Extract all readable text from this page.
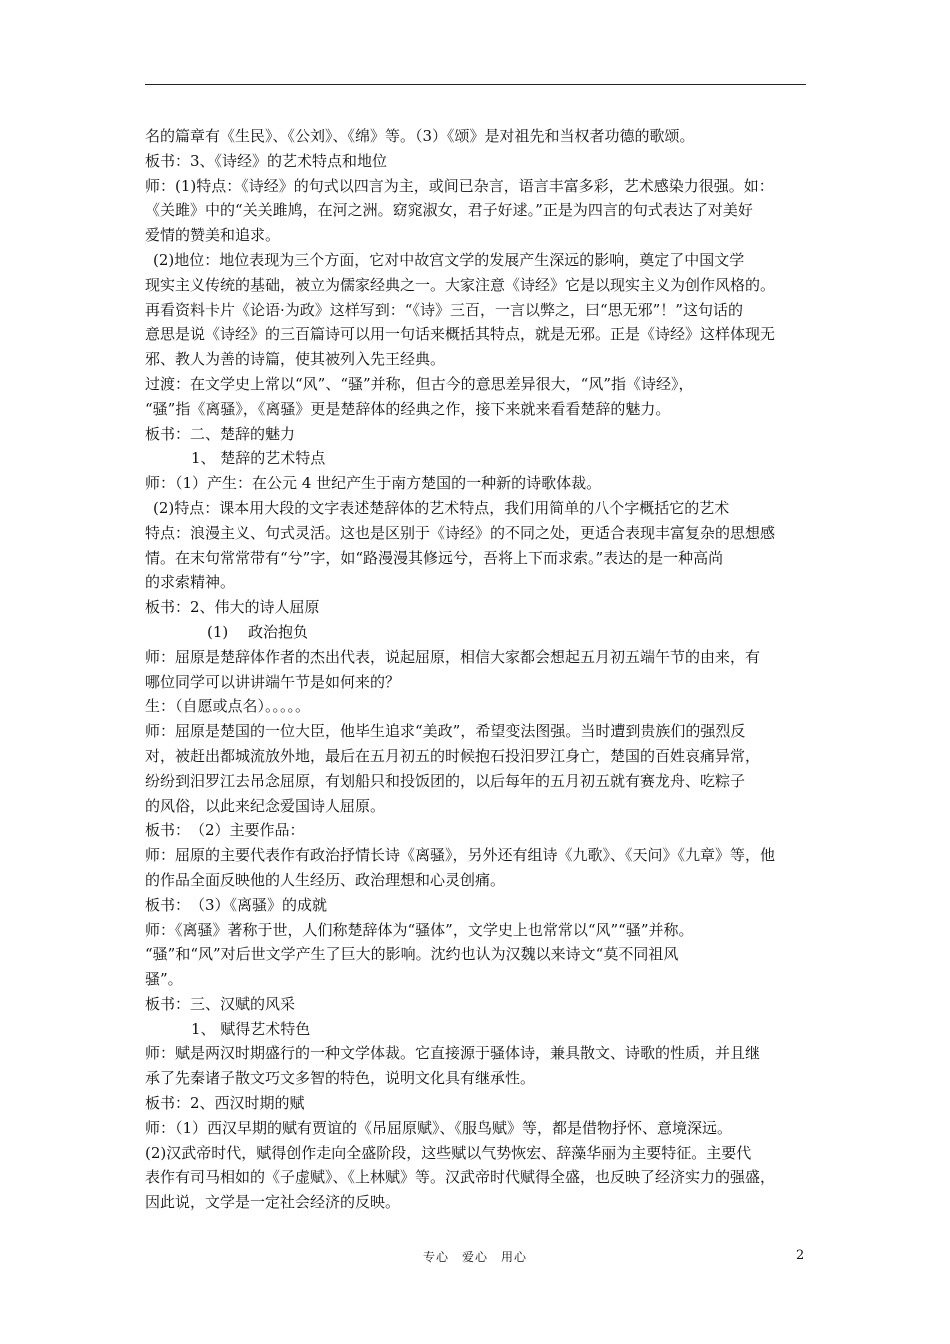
名的篇章有《生民》、《公刘》、《绵》等。（3）《颂》是对祖先和当权者功德的歌颂。
板书：3、《诗经》的艺术特点和地位
师：(1)特点：《诗经》的句式以四言为主，或间已杂言，语言丰富多彩，艺术感染力很强。如：
《关雎》中的“关关雎鸠，在河之洲。窈窕淑女，君子好逑。”正是为四言的句式表达了对美好
爱情的赞美和追求。
(2)地位：地位表现为三个方面，它对中故宫文学的发展产生深远的影响，奠定了中国文学
现实主义传统的基础，被立为儒家经典之一。大家注意《诗经》它是以现实主义为创作风格的。
再看资料卡片《论语·为政》这样写到：“《诗》三百，一言以弊之，曰“思无邪”！”这句话的
意思是说《诗经》的三百篇诗可以用一句话来概括其特点，就是无邪。正是《诗经》这样体现无
邪、教人为善的诗篇，使其被列入先王经典。
过渡：在文学史上常以“风”、“骚”并称，但古今的意思差异很大，“风”指《诗经》，
“骚”指《离骚》，《离骚》更是楚辞体的经典之作，接下来就来看看楚辞的魅力。
板书：二、楚辞的魅力
1、 楚辞的艺术特点
师：（1）产生：在公元 4 世纪产生于南方楚国的一种新的诗歌体裁。
(2)特点：课本用大段的文字表述楚辞体的艺术特点，我们用简单的八个字概括它的艺术
特点：浪漫主义、句式灵活。这也是区别于《诗经》的不同之处，更适合表现丰富复杂的思想感
情。在末句常常带有“兮”字，如“路漫漫其修远兮，吾将上下而求索。”表达的是一种高尚
的求索精神。
板书：2、伟大的诗人屈原
(1)　 政治抱负
师：屈原是楚辞体作者的杰出代表，说起屈原，相信大家都会想起五月初五端午节的由来，有
哪位同学可以讲讲端午节是如何来的？
生：（自愿或点名）。。。。。
师：屈原是楚国的一位大臣，他毕生追求“美政”，希望变法图强。当时遭到贵族们的强烈反
对，被赶出都城流放外地，最后在五月初五的时候抱石投汨罗江身亡，楚国的百姓哀痛异常，
纷纷到汨罗江去吊念屈原，有划船只和投饭团的，以后每年的五月初五就有赛龙舟、吃粽子
的风俗，以此来纪念爱国诗人屈原。
板书：　（2）主要作品：
师：屈原的主要代表作有政治抒情长诗《离骚》，另外还有组诗《九歌》、《天问》《九章》等，他
的作品全面反映他的人生经历、政治理想和心灵创痛。
板书：　（3）《离骚》的成就
师：《离骚》著称于世，人们称楚辞体为“骚体”，文学史上也常常以“风”“骚”并称。
“骚”和“风”对后世文学产生了巨大的影响。沈约也认为汉魏以来诗文“莫不同祖风
骚”。
板书：三、汉赋的风采
1、 赋得艺术特色
师：赋是两汉时期盛行的一种文学体裁。它直接源于骚体诗，兼具散文、诗歌的性质，并且继
承了先秦诸子散文巧文多智的特色，说明文化具有继承性。
板书：2、西汉时期的赋
师：（1）西汉早期的赋有贾谊的《吊屈原赋》、《服鸟赋》等，都是借物抒怀、意境深远。
(2)汉武帝时代，赋得创作走向全盛阶段，这些赋以气势恢宏、辞藻华丽为主要特征。主要代
表作有司马相如的《子虚赋》、《上林赋》等。汉武帝时代赋得全盛，也反映了经济实力的强盛，
因此说，文学是一定社会经济的反映。
专心　爱心　用心	2
